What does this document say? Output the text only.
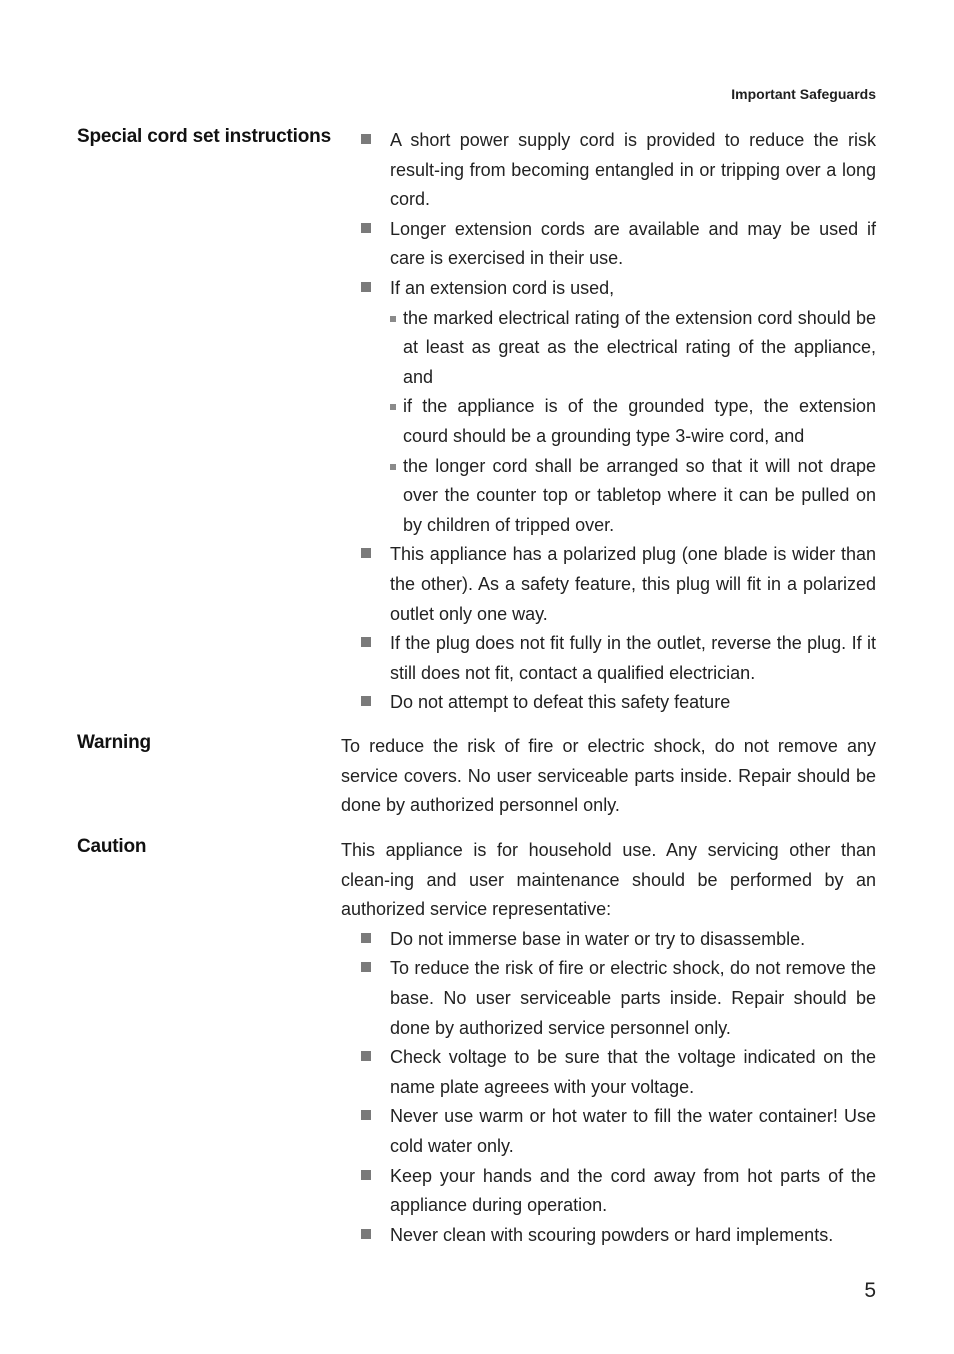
Important Safeguards
Special cord set instructions	A short power supply cord is provided to reduce the risk result-ing from becoming entangled in or tripping over a long cord.
Longer extension cords are available and may be used if care is exercised in their use.
If an extension cord is used,
the marked electrical rating of the extension cord should be at least as great as the electrical rating of the appliance, and
if the appliance is of the grounded type, the extension courd should be a grounding type 3-wire cord, and
the longer cord shall be arranged so that it will not drape over the counter top or tabletop where it can be pulled on by children of tripped over.
This appliance has a polarized plug (one blade is wider than the other). As a safety feature, this plug will fit in a polarized outlet only one way.
If the plug does not fit fully in the outlet, reverse the plug. If it still does not fit, contact a qualified electrician.
Do not attempt to defeat this safety feature
Warning	To reduce the risk of fire or electric shock, do not remove any service covers. No user serviceable parts inside. Repair should be done by authorized personnel only.

Caution	This appliance is for household use. Any servicing other than clean-ing and user maintenance should be performed by an authorized service representative:

Do not immerse base in water or try to disassemble.
To reduce the risk of fire or electric shock, do not remove the base. No user serviceable parts inside. Repair should be done by authorized service personnel only.
Check voltage to be sure that the voltage indicated on the name plate agreees with your voltage.
Never use warm or hot water to fill the water container! Use cold water only.
Keep your hands and the cord away from hot parts of the appliance during operation.
Never clean with scouring powders or hard implements.
5
